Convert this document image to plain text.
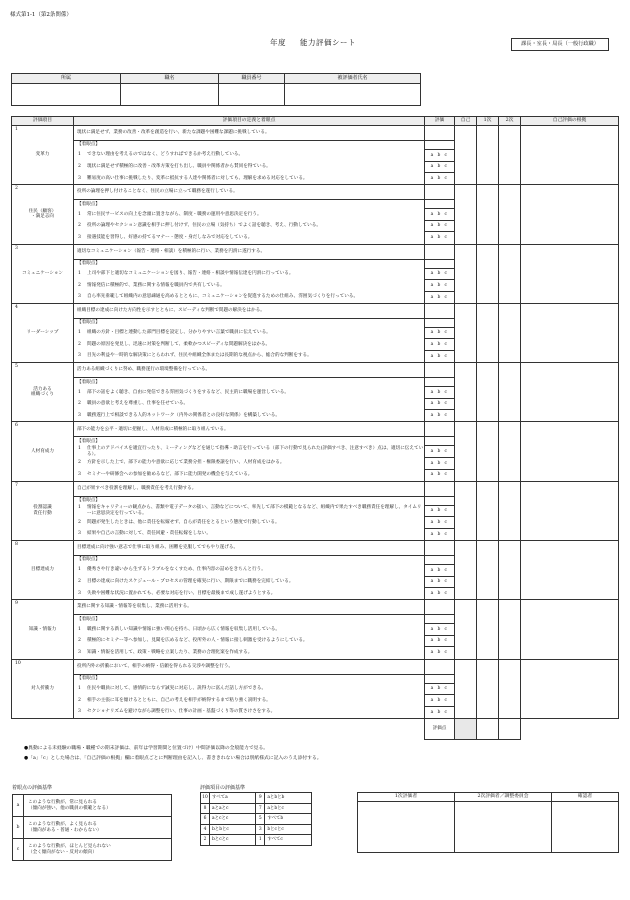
様式第1-1（第2条関係）
年度 能力評価シート	課長・室長・局長（一般行政職）
所属	職名	職員番号	被評価者氏名

評価項目	評価項目の定義と着眼点	評価	自己	1次	2次	自己評価の根拠

1
変革力	現状に満足せず、業務の改善・改革を創造を行い、新たな課題や困難な課題に挑戦している。					
	【着眼点】					

	1 できない理由を考えるのではなく、どうすればできるか考え行動している。	a b c				

	2 現状に満足せず積極的に改善・改革方策を打ち出し、職員や関係者から賛同を得ている。	a b c				

	3 難易度の高い仕事に挑戦したり、変革に抵抗する人達や関係者に対しても、理解を求める対応をしている。	a b c				

2
住民（顧客）
・満足志向	役所の論理を押し付けることなく、住民の立場に立って職務を遂行している。					
	【着眼点】					

	1 常に住民サービスの向上を念頭に置きながら、制度・職務の運用や意思決定を行う。	a b c				

	2 役所の論理やセクション意識を相手に押し付けず、住民の立場（気持ち）でよく話を聴き、考え、行動している。	a b c				

	3 接遇技能を習得し、好感の持てるマナー・態度・身だしなみで対応をしている。	a b c				

3
コミュニケーション	適切なコミュニケーション（報告・連絡・相談）を積極的に行い、業務を円滑に遂行する。					
	【着眼点】					

	1 上司や部下と適切なコミュニケーションを図り、報告・連絡・相談や情報伝達を円滑に行っている。	a b c				

	2 情報発信に積極的で、業務に関する情報を職員内で共有している。	a b c				

	3 自ら率先垂範して組織内の意思疎通を高めるとともに、コミュニケーションを促進するための仕組み、雰囲気づくりを行っている。	a b c				

4
リーダーシップ	組織目標の達成に向けた方向性を示すとともに、スピーディな判断で問題の解決をはかる。					
	【着眼点】					

	1 組織の方針・目標と連動した部門目標を設定し、分かりやすい言葉で職員に伝えている。	a b c				

	2 問題の原因を発見し、迅速に対策を判断して、柔軟かつスピーディな問題解決をはかる。	a b c				

	3 目先の利益や一時的な解決策にとらわれず、住民や組織全体または長期的な視点から、総合的な判断をする。	a b c				

5
活力ある
組織づくり	活力ある組織づくりに努め、職務遂行の環境整備を行っている。					
	【着眼点】					

	1 部下の話をよく聴き、自由に発信できる雰囲気づくりをするなど、民主的に職場を運営している。	a b c				

	2 職員の意欲と考えを尊重し、仕事を任せている。	a b c				

	3 職務遂行上で相談できる人的ネットワーク（内外の関係者との良好な関係）を構築している。	a b c				

6
人材育成力	部下の能力を公平・適切に把握し、人材育成に積極的に取り組んでいる。					
	【着眼点】					

	1 仕事上のアドバイスを適宜行ったり、ミーティングなどを通じて指導・助言を行っている（部下の行動で見られた(評価すべき、注意すべき）点は、適切に伝えている）。	a b c				

	2 方針を示した上で、部下の能力や意欲に応じて業務分担・権限委譲を行い、人材育成をはかる。	a b c				

	3 セミナーや研修会への参加を勧めるなど、部下に能力開発の機会を与えている。	a b c				

7
役割認識
責任行動	自己が果すべき役割を理解し、職務責任を考え行動する。					
	【着眼点】					

	1 情報をキャリティーの観点から、書類や電子データの扱い、言動などについて、率先して部下の模範となるなど、組織内で果たすべき職務責任を理解し、タイムリーに意思決定を行っている。	a b c				

	2 問題が発生したときは、他に責任を転嫁せず、自らが責任をとるという態度で行動している。	a b c				

	3 結果や自己の言動に対して、責任回避・責任転嫁をしない。	a b c				

8
目標達成力	目標達成に向け強い意志で仕事に取り組み、困難を克服してでもやり遂げる。					
	【着眼点】					

	1 優秀さや行き違いから生ずるトラブルをなくすため、仕事内容の詰めをきちんと行う。	a b c				

	2 目標の達成に向けたスケジュール・プロセスの管理を確実に行い、期限までに職務を完結している。	a b c				

	3 失敗や困難な状況に置かれても、必要な対応を行い、目標を最後まで成し遂げようとする。	a b c				

9
知識・情報力	業務に関する知識・情報等を収集し、業務に活用する。					
	【着眼点】					

	1 職務に関する新しい知識や情報に強い関心を持ち、日頃から広く情報を収集し活用している。	a b c				

	2 積極的にセミナー等へ参加し、見聞を広めるなど、役所外の人・情報に接し刺激を受けるようにしている。	a b c				

	3 知識・情報を活用して、政策・戦略を立案したり、業務の合理化案を作成する。	a b c				

10
対人折衝力	役所内外の折衝において、相手の納得・信頼を得られる交渉や調整を行う。					
	【着眼点】					

	1 住民や職員に対して、感情的にならず誠実に対応し、説得力に富んだ話し方ができる。	a b c				

	2 相手の主張に耳を傾けるとともに、自己の考えを相手が納得するまで粘り強く説明する。	a b c				

	3 セクショナリズムを避けながら調整を行い、仕事の計画・基盤づくり等の質さけさをする。	a b c				
		評価点				
●異動による未経験の職場・職種での期末評価は、前年は学習期間と位置づけ）中間評価以降の全般能力で見る。
●「a」「c」とした場合は、「自己評価の根拠」欄に着眼点ごとに判断理由を記入し、書ききれない場合は別紙様式に記入のうえ添付する。
着眼点の評価基準
a	このような行動が、常に見られる
（傾向が強い、他の職員の模範となる）

b	このような行動が、よく見られる
（傾向がある・普通・わからない）

c	このような行動が、ほとんど見られない
（全く傾向がない・反対の傾向）
評価項目の評価基準
10	すべてa	9	aとbとb
8	aとaとc	7	aとbとc
6	aとcとc	5	すべてb
4	bとbとc	3	bとcとc
2	bとcとc	1	すべてc
1次評価者	2次評価者／調整委員会	確認者
